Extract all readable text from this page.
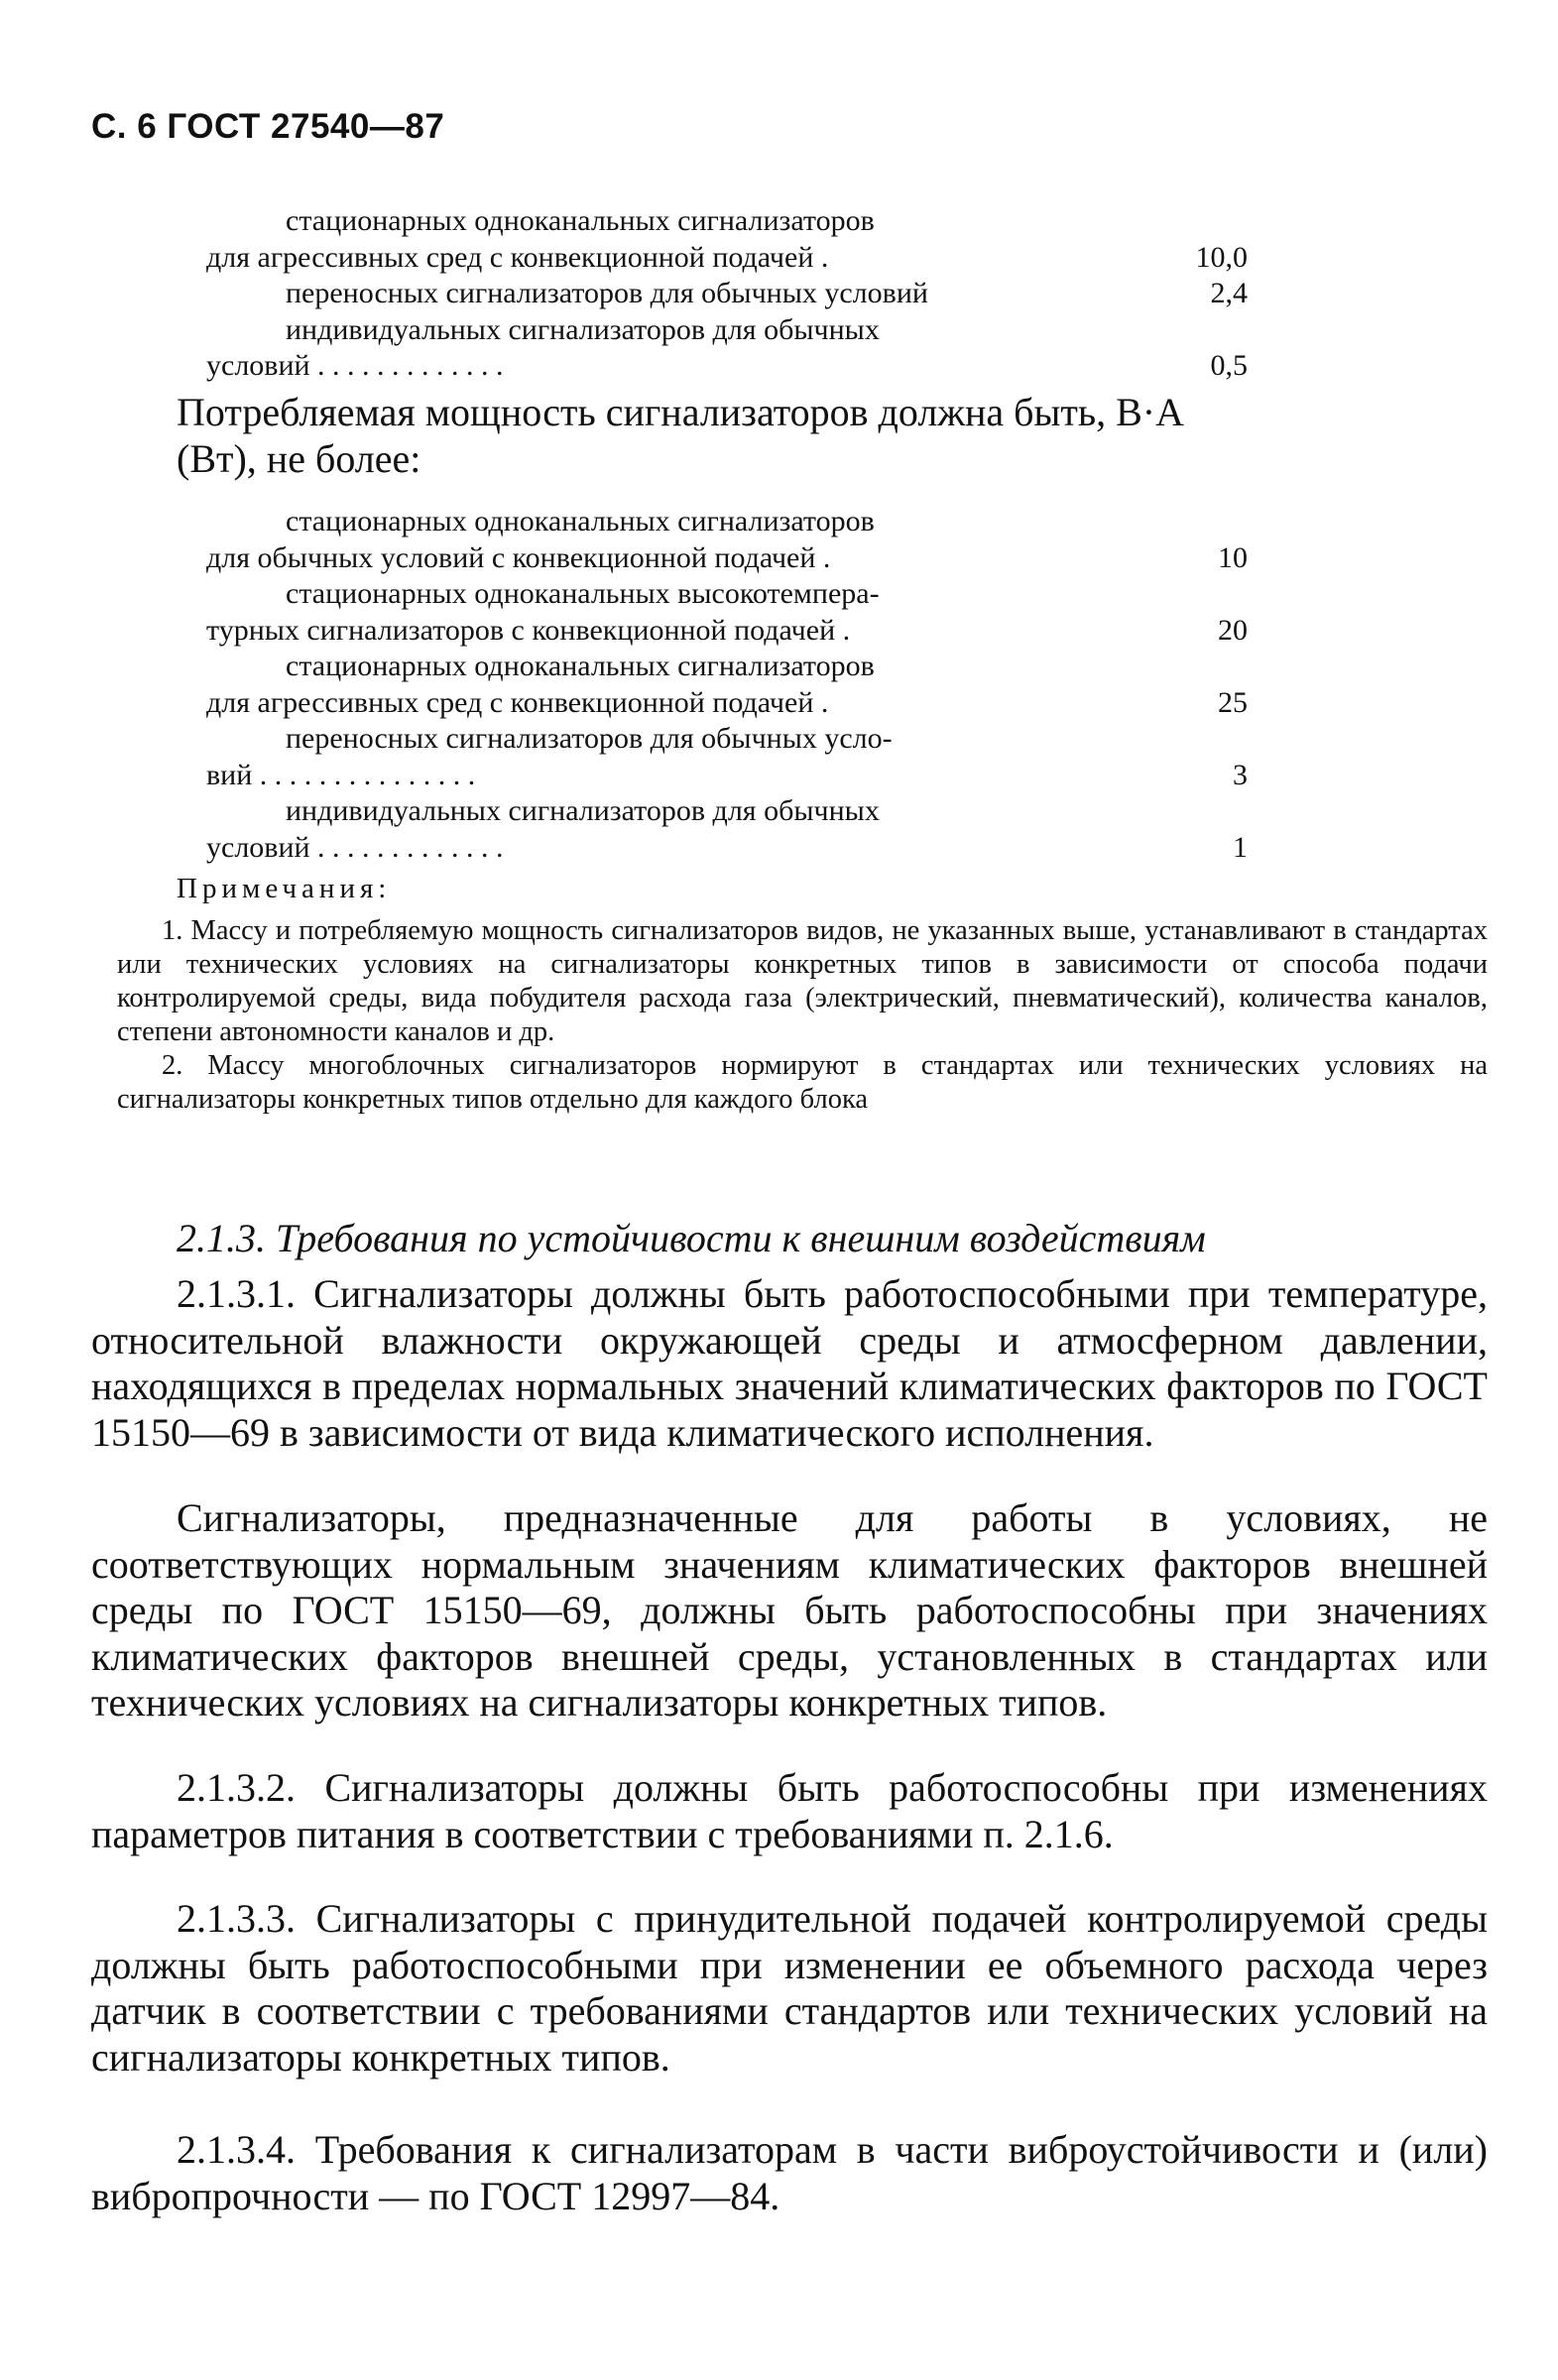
С. 6 ГОСТ 27540—87
стационарных одноканальных сигнализаторов
для агрессивных сред с конвекционной подачей .	10,0
переносных сигнализаторов для обычных условий	2,4
индивидуальных сигнализаторов для обычных
условий . . . . . . . . . . . . .	0,5
Потребляемая мощность сигнализаторов должна быть, В·А
(Вт), не более:
стационарных одноканальных сигнализаторов
для обычных условий с конвекционной подачей .	10
стационарных одноканальных высокотемпера-
турных сигнализаторов с конвекционной подачей .	20
стационарных одноканальных сигнализаторов
для агрессивных сред с конвекционной подачей .	25
переносных сигнализаторов для обычных усло-
вий . . . . . . . . . . . . . . .	3
индивидуальных сигнализаторов для обычных
условий . . . . . . . . . . . . .	1
Примечания:
1. Массу и потребляемую мощность сигнализаторов видов, не указанных выше, устанавливают в стандартах или технических условиях на сигнализаторы конкретных типов в зависимости от способа подачи контролируемой среды, вида побудителя расхода газа (электрический, пневматический), количества каналов, степени автономности каналов и др.
2. Массу многоблочных сигнализаторов нормируют в стандартах или технических условиях на сигнализаторы конкретных типов отдельно для каждого блока
2.1.3. Требования по устойчивости к внешним воздействиям
2.1.3.1. Сигнализаторы должны быть работоспособными при температуре, относительной влажности окружающей среды и атмосферном давлении, находящихся в пределах нормальных значений климатических факторов по ГОСТ 15150—69 в зависимости от вида климатического исполнения.
Сигнализаторы, предназначенные для работы в условиях, не соответствующих нормальным значениям климатических факторов внешней среды по ГОСТ 15150—69, должны быть работоспособны при значениях климатических факторов внешней среды, установленных в стандартах или технических условиях на сигнализаторы конкретных типов.
2.1.3.2. Сигнализаторы должны быть работоспособны при изменениях параметров питания в соответствии с требованиями п. 2.1.6.
2.1.3.3. Сигнализаторы с принудительной подачей контролируемой среды должны быть работоспособными при изменении ее объемного расхода через датчик в соответствии с требованиями стандартов или технических условий на сигнализаторы конкретных типов.
2.1.3.4. Требования к сигнализаторам в части виброустойчивости и (или) вибропрочности — по ГОСТ 12997—84.
